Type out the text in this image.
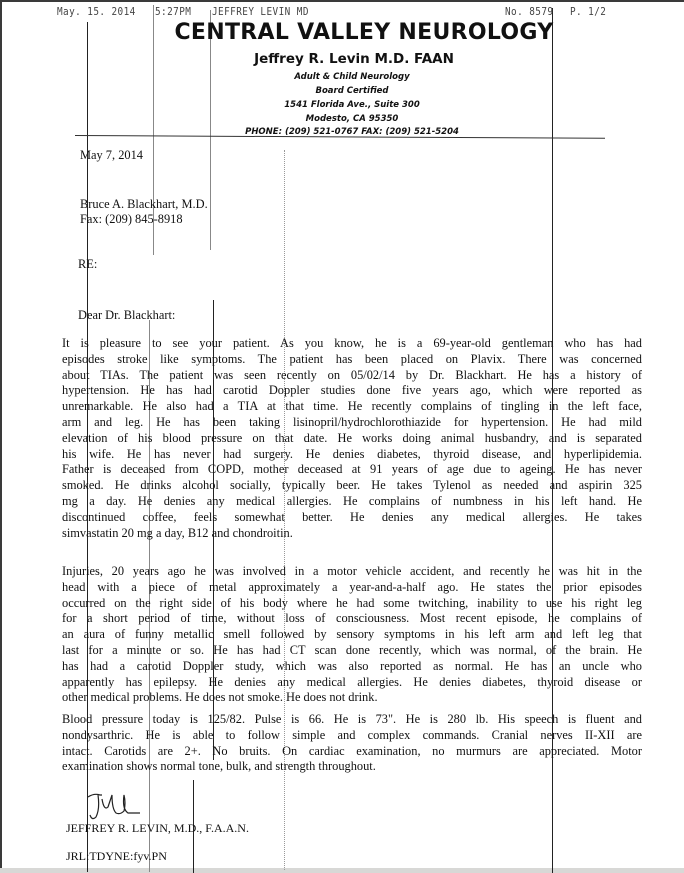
May. 15. 2014 5:27PM JEFFREY LEVIN MD	No. 8579 P. 1/2
CENTRAL VALLEY NEUROLOGY
Jeffrey R. Levin M.D. FAAN
Adult & Child Neurology
Board Certified
1541 Florida Ave., Suite 300
Modesto, CA 95350
PHONE: (209) 521-0767 FAX: (209) 521-5204
May 7, 2014
Bruce A. Blackhart, M.D.
Fax: (209) 845-8918
RE:
Dear Dr. Blackhart:
It is pleasure to see your patient. As you know, he is a 69-year-old gentleman who has had
episodes stroke like symptoms. The patient has been placed on Plavix. There was concerned
about TIAs. The patient was seen recently on 05/02/14 by Dr. Blackhart. He has a history of
hypertension. He has had carotid Doppler studies done five years ago, which were reported as
unremarkable. He also had a TIA at that time. He recently complains of tingling in the left face,
arm and leg. He has been taking lisinopril/hydrochlorothiazide for hypertension. He had mild
elevation of his blood pressure on that date. He works doing animal husbandry, and is separated
his wife. He has never had surgery. He denies diabetes, thyroid disease, and hyperlipidemia.
Father is deceased from COPD, mother deceased at 91 years of age due to ageing. He has never
smoked. He drinks alcohol socially, typically beer. He takes Tylenol as needed and aspirin 325
mg a day. He denies any medical allergies. He complains of numbness in his left hand. He
discontinued coffee, feels somewhat better. He denies any medical allergies. He takes
simvastatin 20 mg a day, B12 and chondroitin.
Injuries, 20 years ago he was involved in a motor vehicle accident, and recently he was hit in the
head with a piece of metal approximately a year-and-a-half ago. He states the prior episodes
occurred on the right side of his body where he had some twitching, inability to use his right leg
for a short period of time, without loss of consciousness. Most recent episode, he complains of
an aura of funny metallic smell followed by sensory symptoms in his left arm and left leg that
last for a minute or so. He has had CT scan done recently, which was normal, of the brain. He
has had a carotid Doppler study, which was also reported as normal. He has an uncle who
apparently has epilepsy. He denies any medical allergies. He denies diabetes, thyroid disease or
other medical problems. He does not smoke. He does not drink.
Blood pressure today is 125/82. Pulse is 66. He is 73". He is 280 lb. His speech is fluent and
nondysarthric. He is able to follow simple and complex commands. Cranial nerves II-XII are
intact. Carotids are 2+. No bruits. On cardiac examination, no murmurs are appreciated. Motor
examination shows normal tone, bulk, and strength throughout.
JEFFREY R. LEVIN, M.D., F.A.A.N.
JRL:TDYNE:fyv.PN
